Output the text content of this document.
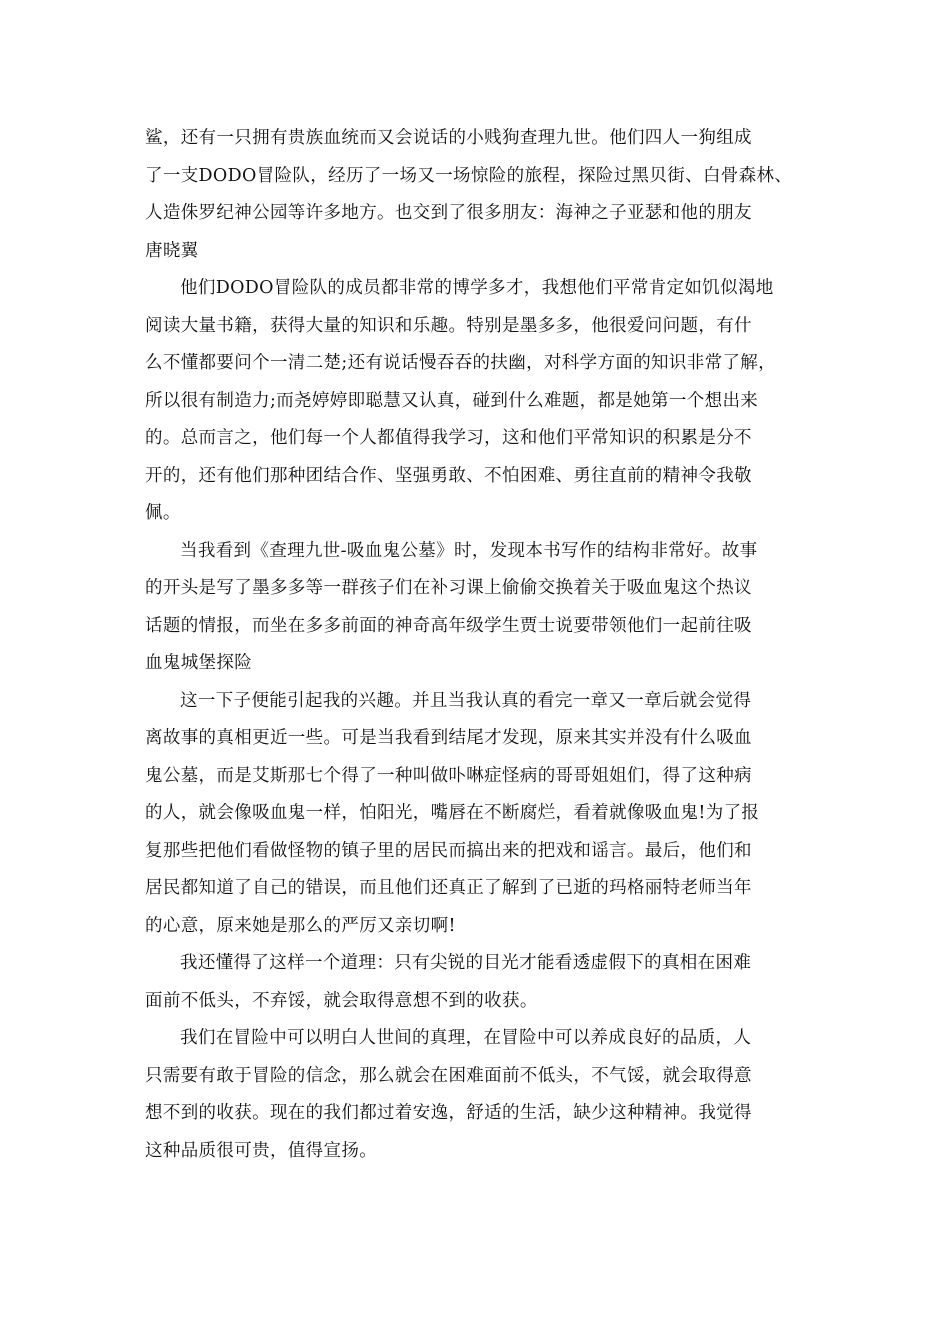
鲨，还有一只拥有贵族血统而又会说话的小贱狗查理九世。他们四人一狗组成
了一支DODO冒险队，经历了一场又一场惊险的旅程，探险过黑贝街、白骨森林、
人造侏罗纪神公园等许多地方。也交到了很多朋友：海神之子亚瑟和他的朋友
唐晓翼
他们DODO冒险队的成员都非常的博学多才，我想他们平常肯定如饥似渴地
阅读大量书籍，获得大量的知识和乐趣。特别是墨多多，他很爱问问题，有什
么不懂都要问个一清二楚;还有说话慢吞吞的扶幽，对科学方面的知识非常了解，
所以很有制造力;而尧婷婷即聪慧又认真，碰到什么难题，都是她第一个想出来
的。总而言之，他们每一个人都值得我学习，这和他们平常知识的积累是分不
开的，还有他们那种团结合作、坚强勇敢、不怕困难、勇往直前的精神令我敬
佩。
当我看到《查理九世-吸血鬼公墓》时，发现本书写作的结构非常好。故事
的开头是写了墨多多等一群孩子们在补习课上偷偷交换着关于吸血鬼这个热议
话题的情报，而坐在多多前面的神奇高年级学生贾士说要带领他们一起前往吸
血鬼城堡探险
这一下子便能引起我的兴趣。并且当我认真的看完一章又一章后就会觉得
离故事的真相更近一些。可是当我看到结尾才发现，原来其实并没有什么吸血
鬼公墓，而是艾斯那七个得了一种叫做卟啉症怪病的哥哥姐姐们，得了这种病
的人，就会像吸血鬼一样，怕阳光，嘴唇在不断腐烂，看着就像吸血鬼!为了报
复那些把他们看做怪物的镇子里的居民而搞出来的把戏和谣言。最后，他们和
居民都知道了自己的错误，而且他们还真正了解到了已逝的玛格丽特老师当年
的心意，原来她是那么的严厉又亲切啊!
我还懂得了这样一个道理：只有尖锐的目光才能看透虚假下的真相在困难
面前不低头，不弃馁，就会取得意想不到的收获。
我们在冒险中可以明白人世间的真理，在冒险中可以养成良好的品质，人
只需要有敢于冒险的信念，那么就会在困难面前不低头，不气馁，就会取得意
想不到的收获。现在的我们都过着安逸，舒适的生活，缺少这种精神。我觉得
这种品质很可贵，值得宣扬。
